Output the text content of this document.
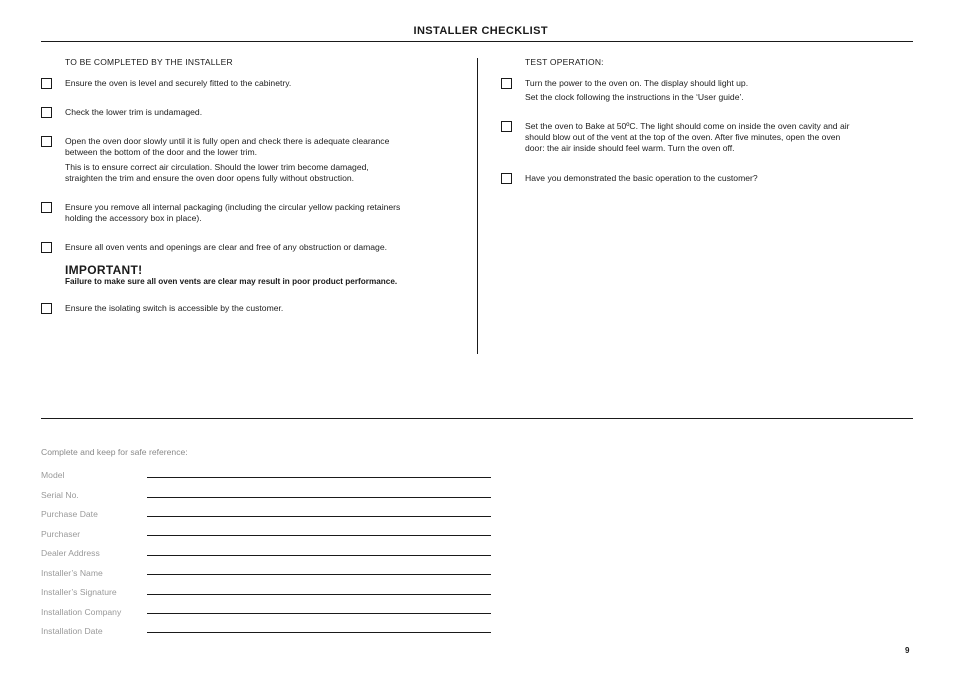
INSTALLER CHECKLIST
TO BE COMPLETED BY THE INSTALLER
Ensure the oven is level and securely fitted to the cabinetry.
Check the lower trim is undamaged.
Open the oven door slowly until it is fully open and check there is adequate clearance
between the bottom of the door and the lower trim.
This is to ensure correct air circulation. Should the lower trim become damaged,
straighten the trim and ensure the oven door opens fully without obstruction.
Ensure you remove all internal packaging (including the circular yellow packing retainers
holding the accessory box in place).
Ensure all oven vents and openings are clear and free of any obstruction or damage.
IMPORTANT!
Failure to make sure all oven vents are clear may result in poor product performance.
Ensure the isolating switch is accessible by the customer.
TEST OPERATION:
Turn the power to the oven on. The display should light up.
Set the clock following the instructions in the ‘User guide’.
Set the oven to Bake at 50ºC. The light should come on inside the oven cavity and air
should blow out of the vent at the top of the oven. After five minutes, open the oven
door: the air inside should feel warm. Turn the oven off.
Have you demonstrated the basic operation to the customer?
Complete and keep for safe reference:
Model
Serial No.
Purchase Date
Purchaser
Dealer Address
Installer’s Name
Installer’s Signature
Installation Company
Installation Date
9
